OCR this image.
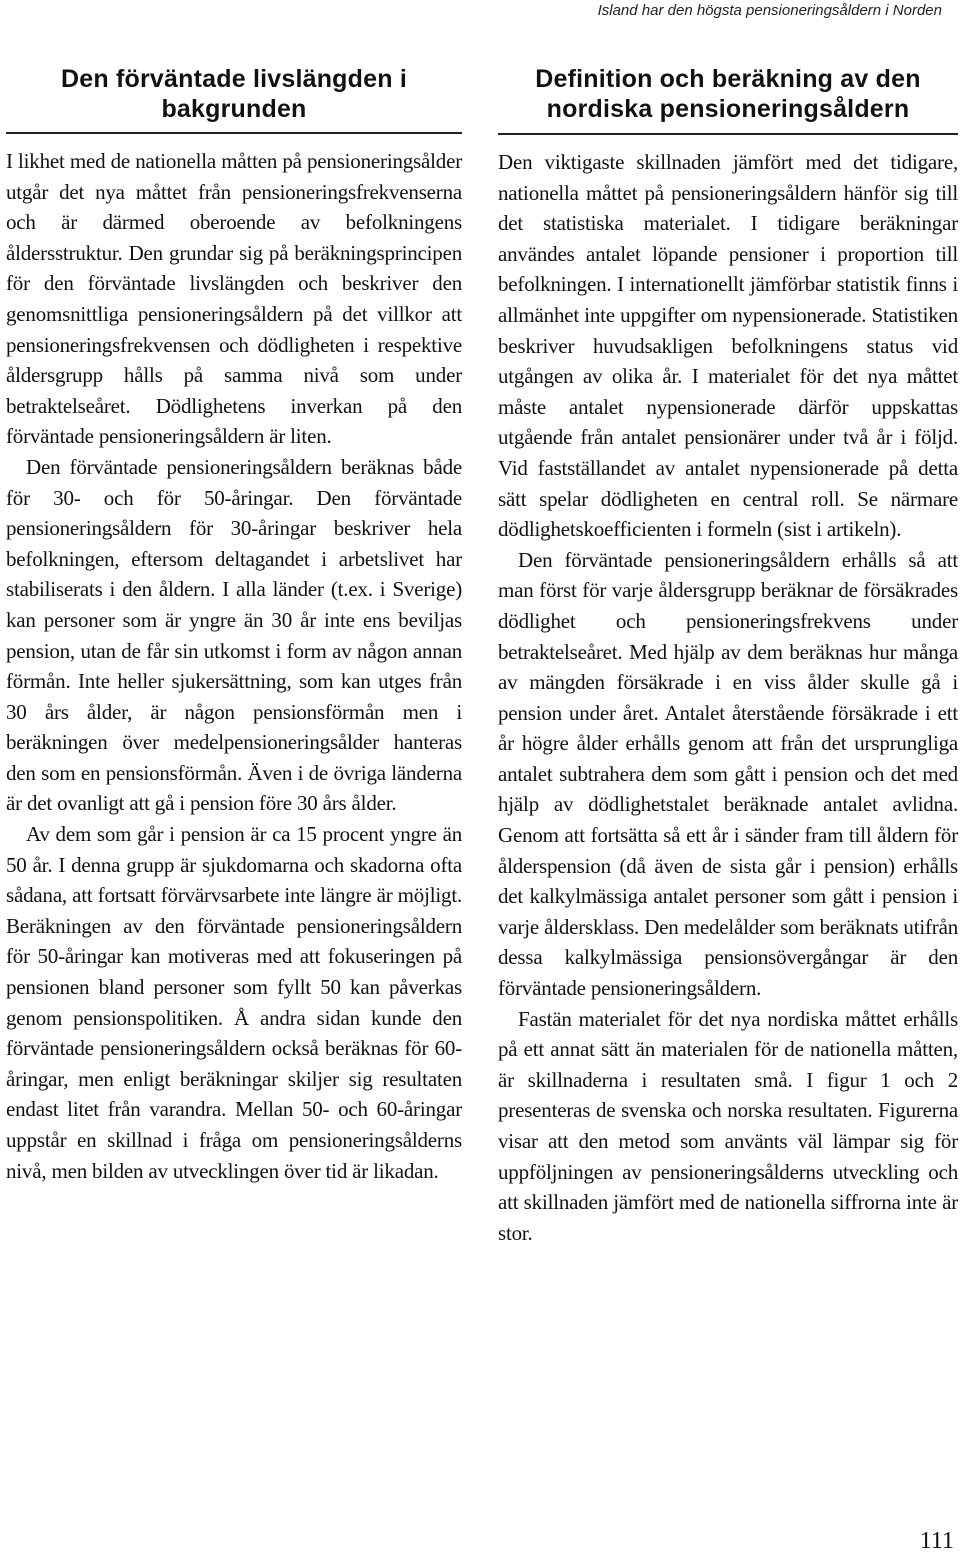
Island har den högsta pensioneringsåldern i Norden
Den förväntade livslängden i bakgrunden

I likhet med de nationella måtten på pensioneringsålder utgår det nya måttet från pensioneringsfrekvenserna och är därmed oberoende av befolkningens åldersstruktur. Den grundar sig på beräkningsprincipen för den förväntade livslängden och beskriver den genomsnittliga pensioneringsåldern på det villkor att pensioneringsfrekvensen och dödligheten i respektive åldersgrupp hålls på samma nivå som under betraktelseåret. Dödlighetens inverkan på den förväntade pensioneringsåldern är liten.

Den förväntade pensioneringsåldern beräknas både för 30- och för 50-åringar. Den förväntade pensioneringsåldern för 30-åringar beskriver hela befolkningen, eftersom deltagandet i arbetslivet har stabiliserats i den åldern. I alla länder (t.ex. i Sverige) kan personer som är yngre än 30 år inte ens beviljas pension, utan de får sin utkomst i form av någon annan förmån. Inte heller sjukersättning, som kan utges från 30 års ålder, är någon pensionsförmån men i beräkningen över medelpensioneringsålder hanteras den som en pensionsförmån. Även i de övriga länderna är det ovanligt att gå i pension före 30 års ålder.

Av dem som går i pension är ca 15 procent yngre än 50 år. I denna grupp är sjukdomarna och skadorna ofta sådana, att fortsatt förvärvsarbete inte längre är möjligt. Beräkningen av den förväntade pensioneringsåldern för 50-åringar kan motiveras med att fokuseringen på pensionen bland personer som fyllt 50 kan påverkas genom pensionspolitiken. Å andra sidan kunde den förväntade pensioneringsåldern också beräknas för 60-åringar, men enligt beräkningar skiljer sig resultaten endast litet från varandra. Mellan 50- och 60-åringar uppstår en skillnad i fråga om pensioneringsålderns nivå, men bilden av utvecklingen över tid är likadan.

Definition och beräkning av den nordiska pensioneringsåldern

Den viktigaste skillnaden jämfört med det tidigare, nationella måttet på pensioneringsåldern hänför sig till det statistiska materialet. I tidigare beräkningar användes antalet löpande pensioner i proportion till befolkningen. I internationellt jämförbar statistik finns i allmänhet inte uppgifter om nypensionerade. Statistiken beskriver huvudsakligen befolkningens status vid utgången av olika år. I materialet för det nya måttet måste antalet nypensionerade därför uppskattas utgående från antalet pensionärer under två år i följd. Vid fastställandet av antalet nypensionerade på detta sätt spelar dödligheten en central roll. Se närmare dödlighetskoefficienten i formeln (sist i artikeln).

Den förväntade pensioneringsåldern erhålls så att man först för varje åldersgrupp beräknar de försäkrades dödlighet och pensioneringsfrekvens under betraktelseåret. Med hjälp av dem beräknas hur många av mängden försäkrade i en viss ålder skulle gå i pension under året. Antalet återstående försäkrade i ett år högre ålder erhålls genom att från det ursprungliga antalet subtrahera dem som gått i pension och det med hjälp av dödlighetstalet beräknade antalet avlidna. Genom att fortsätta så ett år i sänder fram till åldern för ålderspension (då även de sista går i pension) erhålls det kalkylmässiga antalet personer som gått i pension i varje åldersklass. Den medelålder som beräknats utifrån dessa kalkylmässiga pensionsövergångar är den förväntade pensioneringsåldern.

Fastän materialet för det nya nordiska måttet erhålls på ett annat sätt än materialen för de nationella måtten, är skillnaderna i resultaten små. I figur 1 och 2 presenteras de svenska och norska resultaten. Figurerna visar att den metod som använts väl lämpar sig för uppföljningen av pensioneringsålderns utveckling och att skillnaden jämfört med de nationella siffrorna inte är stor.

111
